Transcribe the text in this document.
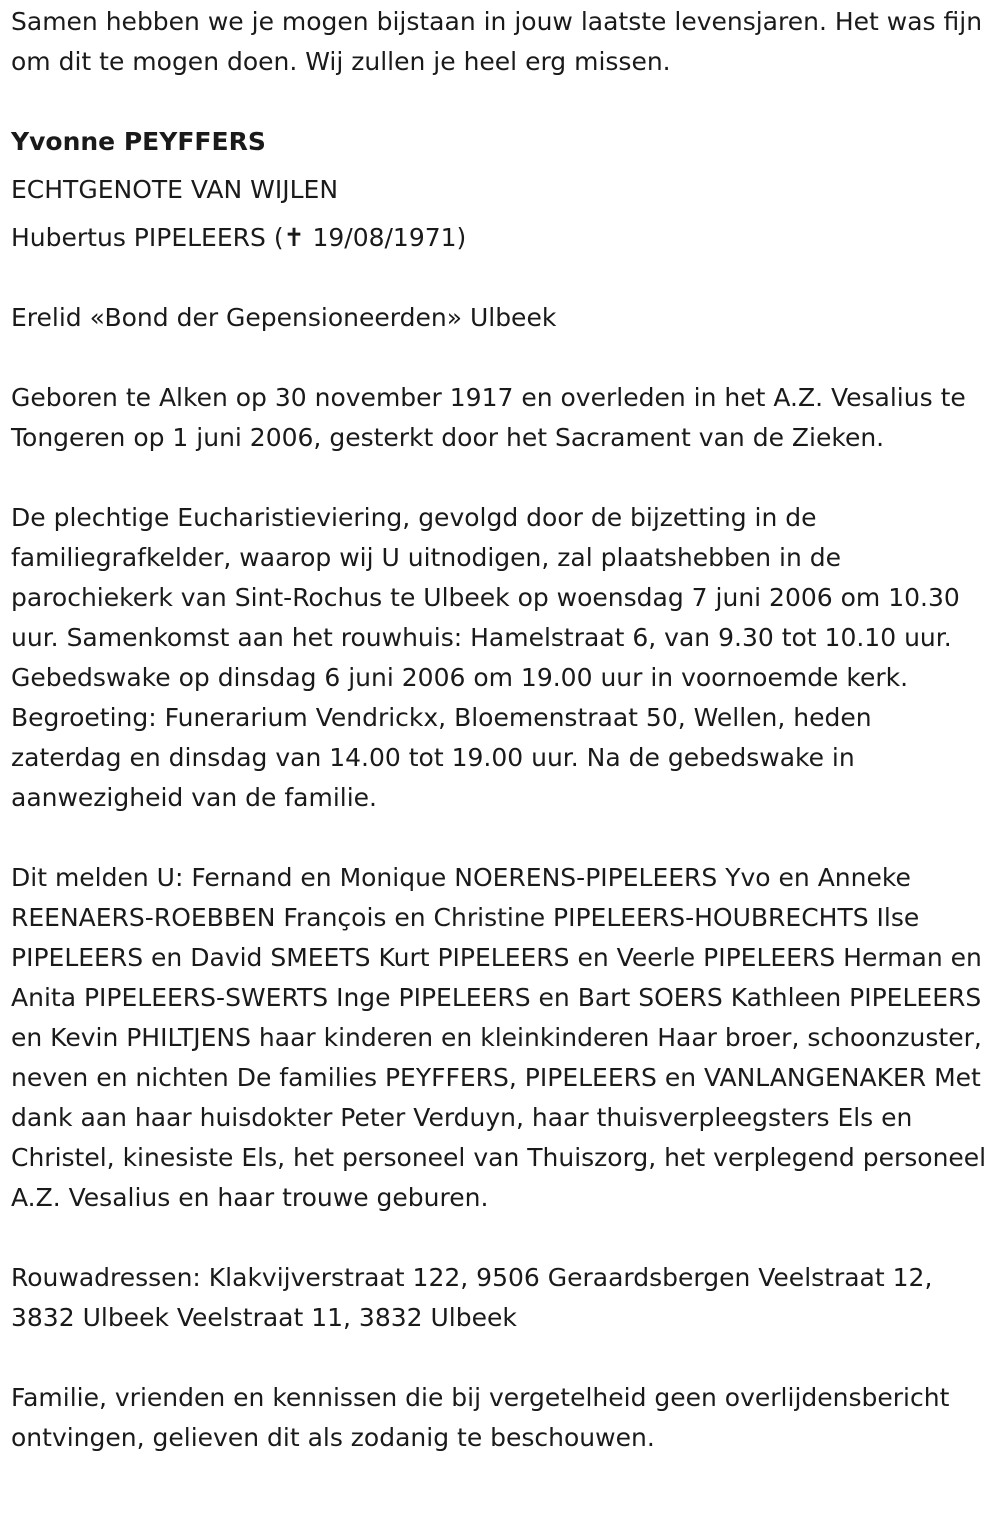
Samen hebben we je mogen bijstaan in jouw laatste levensjaren. Het was fijn om dit te mogen doen. Wij zullen je heel erg missen.

Yvonne PEYFFERS
ECHTGENOTE VAN WIJLEN
Hubertus PIPELEERS (✝ 19/08/1971)

Erelid «Bond der Gepensioneerden» Ulbeek

Geboren te Alken op 30 november 1917 en overleden in het A.Z. Vesalius te Tongeren op 1 juni 2006, gesterkt door het Sacrament van de Zieken.

De plechtige Eucharistieviering, gevolgd door de bijzetting in de familiegrafkelder, waarop wij U uitnodigen, zal plaatshebben in de parochiekerk van Sint-Rochus te Ulbeek op woensdag 7 juni 2006 om 10.30 uur. Samenkomst aan het rouwhuis: Hamelstraat 6, van 9.30 tot 10.10 uur. Gebedswake op dinsdag 6 juni 2006 om 19.00 uur in voornoemde kerk. Begroeting: Funerarium Vendrickx, Bloemenstraat 50, Wellen, heden zaterdag en dinsdag van 14.00 tot 19.00 uur. Na de gebedswake in aanwezigheid van de familie.

Dit melden U: Fernand en Monique NOERENS-PIPELEERS Yvo en Anneke REENAERS-ROEBBEN François en Christine PIPELEERS-HOUBRECHTS Ilse PIPELEERS en David SMEETS Kurt PIPELEERS en Veerle PIPELEERS Herman en Anita PIPELEERS-SWERTS Inge PIPELEERS en Bart SOERS Kathleen PIPELEERS en Kevin PHILTJENS haar kinderen en kleinkinderen Haar broer, schoonzuster, neven en nichten De families PEYFFERS, PIPELEERS en VANLANGENAKER Met dank aan haar huisdokter Peter Verduyn, haar thuisverpleegsters Els en Christel, kinesiste Els, het personeel van Thuiszorg, het verplegend personeel A.Z. Vesalius en haar trouwe geburen.

Rouwadressen: Klakvijverstraat 122, 9506 Geraardsbergen Veelstraat 12, 3832 Ulbeek Veelstraat 11, 3832 Ulbeek

Familie, vrienden en kennissen die bij vergetelheid geen overlijdensbericht ontvingen, gelieven dit als zodanig te beschouwen.
